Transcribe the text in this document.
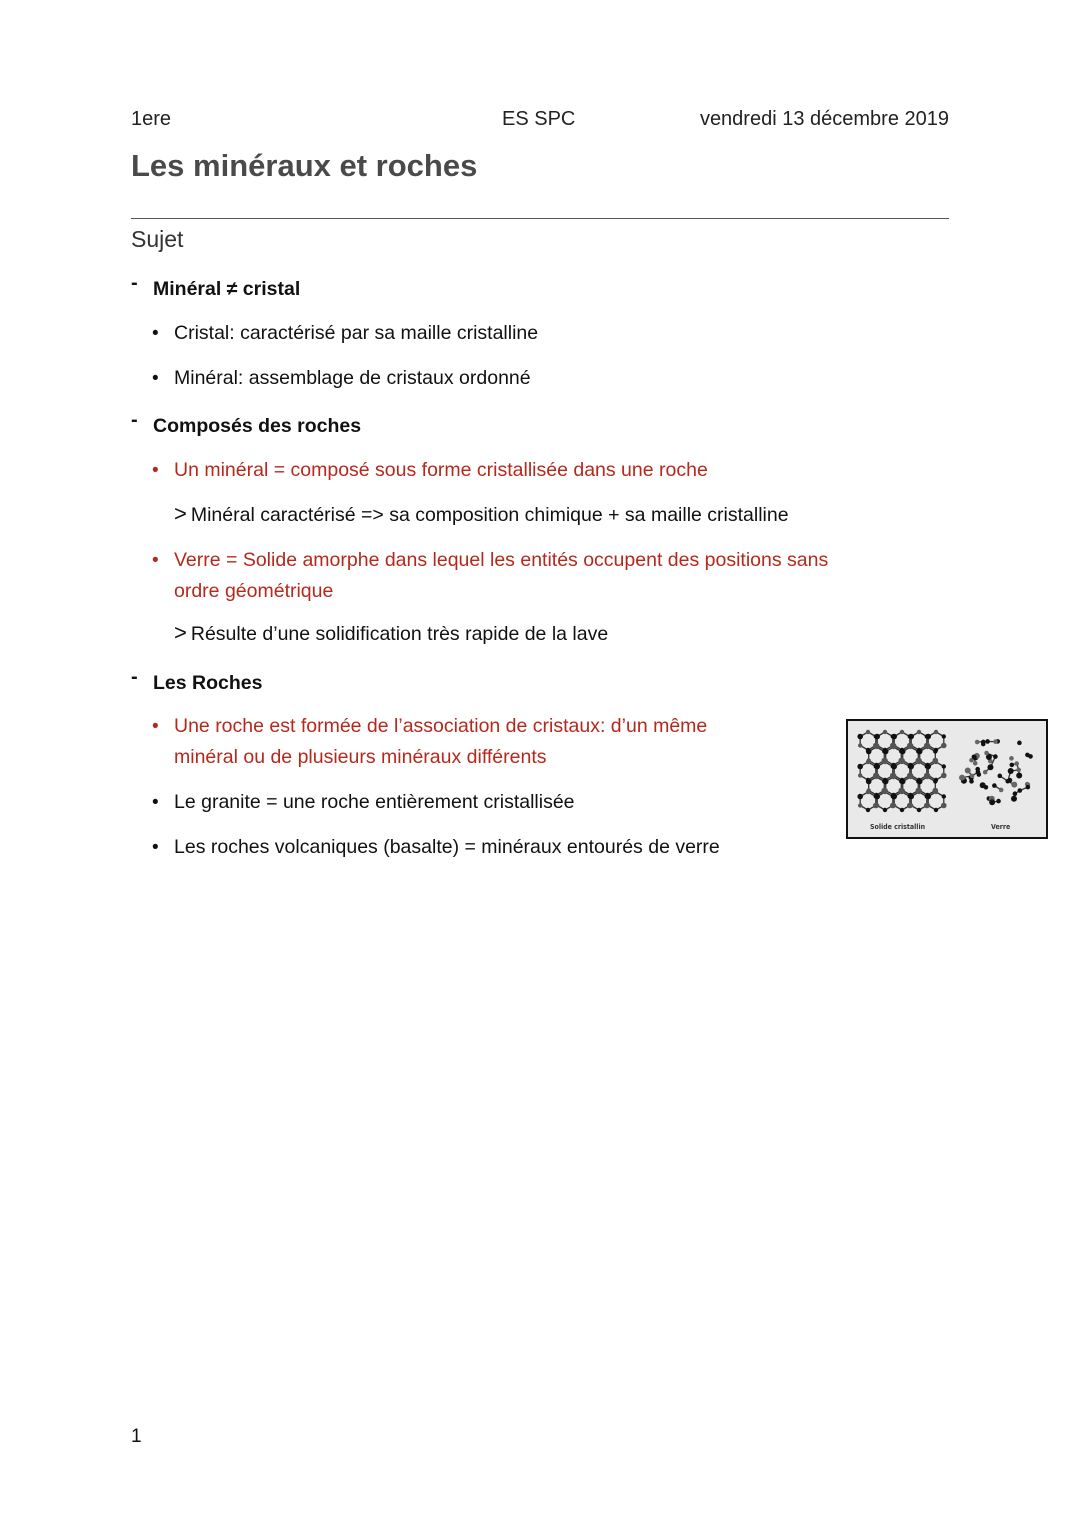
1ere	ES SPC	vendredi 13 décembre 2019
Les minéraux et roches
Sujet
- Minéral ≠ cristal
• Cristal: caractérisé par sa maille cristalline
• Minéral: assemblage de cristaux ordonné
- Composés des roches
• Un minéral = composé sous forme cristallisée dans une roche
> Minéral caractérisé => sa composition chimique + sa maille cristalline
• Verre = Solide amorphe dans lequel les entités occupent des positions sans
ordre géométrique
> Résulte d’une solidification très rapide de la lave
- Les Roches
• Une roche est formée de l’association de cristaux: d’un même
minéral ou de plusieurs minéraux différents
• Le granite = une roche entièrement cristallisée
• Les roches volcaniques (basalte) = minéraux entourés de verre
Solide cristallin	Verre
1
